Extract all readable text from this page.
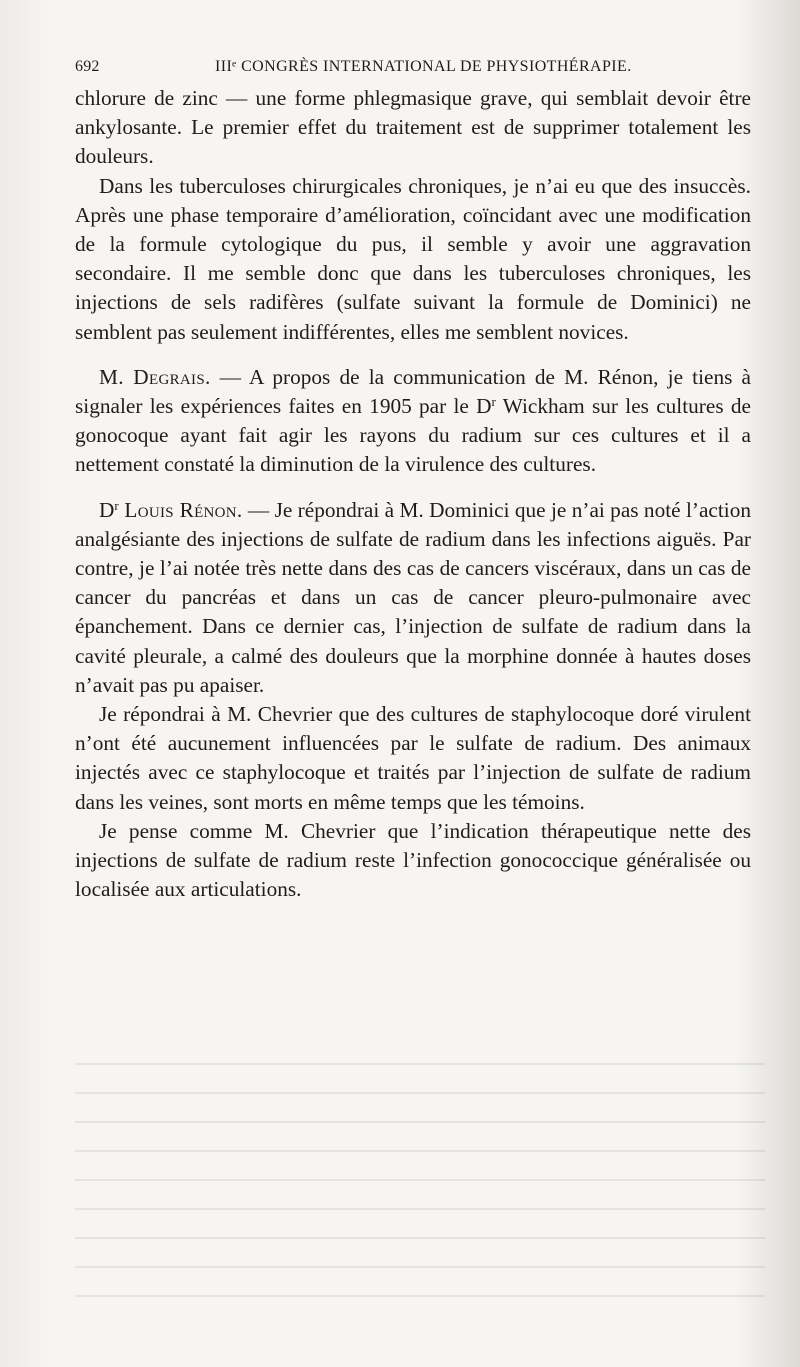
692	IIIᵉ CONGRÈS INTERNATIONAL DE PHYSIOTHÉRAPIE.

chlorure de zinc — une forme phlegmasique grave, qui semblait devoir être ankylosante. Le premier effet du traitement est de supprimer totalement les douleurs.

Dans les tuberculoses chirurgicales chroniques, je n’ai eu que des insuccès. Après une phase temporaire d’amélioration, coïncidant avec une modification de la formule cytologique du pus, il semble y avoir une aggravation secondaire. Il me semble donc que dans les tuberculoses chroniques, les injections de sels radifères (sulfate suivant la formule de Dominici) ne semblent pas seulement indifférentes, elles me semblent novices.

M. Degrais. — A propos de la communication de M. Rénon, je tiens à signaler les expériences faites en 1905 par le $D^r$ Wickham sur les cultures de gonocoque ayant fait agir les rayons du radium sur ces cultures et il a nettement constaté la diminution de la virulence des cultures.

$D^r$ Louis Rénon. — Je répondrai à M. Dominici que je n’ai pas noté l’action analgésiante des injections de sulfate de radium dans les infections aiguës. Par contre, je l’ai notée très nette dans des cas de cancers viscéraux, dans un cas de cancer du pancréas et dans un cas de cancer pleuro-pulmonaire avec épanchement. Dans ce dernier cas, l’injection de sulfate de radium dans la cavité pleurale, a calmé des douleurs que la morphine donnée à hautes doses n’avait pas pu apaiser.

Je répondrai à M. Chevrier que des cultures de staphylocoque doré virulent n’ont été aucunement influencées par le sulfate de radium. Des animaux injectés avec ce staphylocoque et traités par l’injection de sulfate de radium dans les veines, sont morts en même temps que les témoins.

Je pense comme M. Chevrier que l’indication thérapeutique nette des injections de sulfate de radium reste l’infection gonococcique généralisée ou localisée aux articulations.
